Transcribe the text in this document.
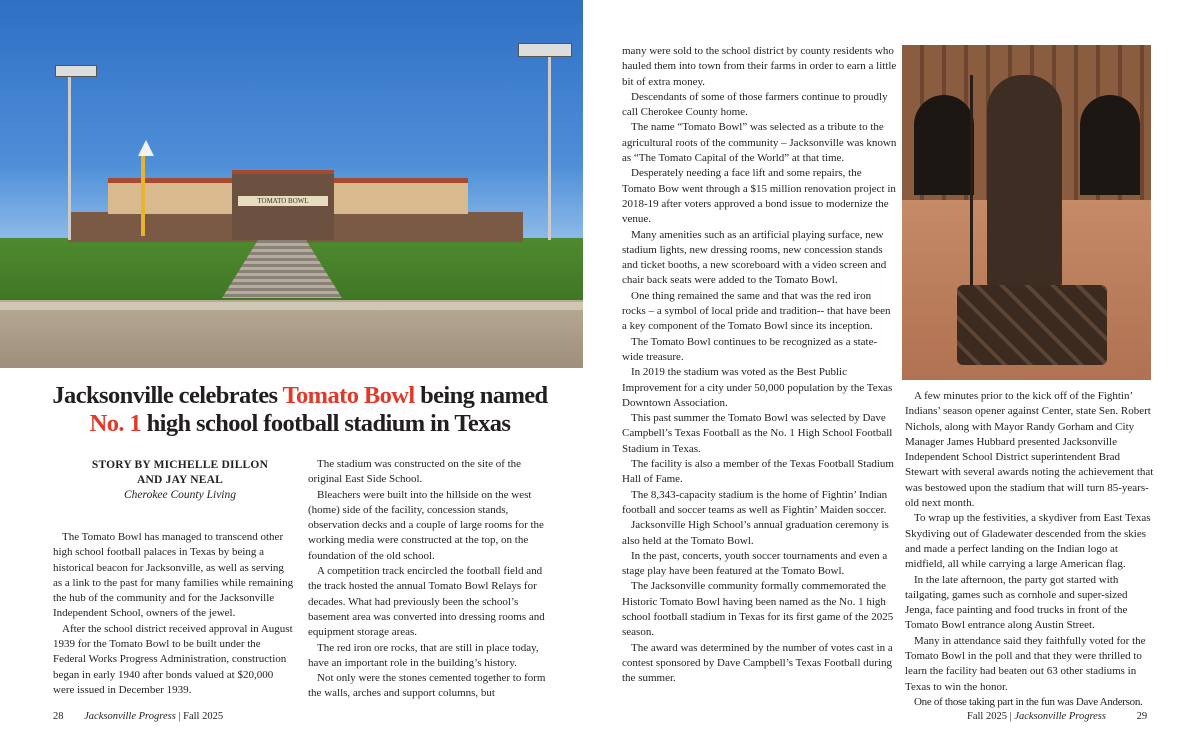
TOMATO BOWL
Jacksonville celebrates Tomato Bowl being named
No. 1 high school football stadium in Texas
STORY BY MICHELLE DILLON
AND JAY NEAL
Cherokee County Living

The Tomato Bowl has managed to transcend other high school football palaces in Texas by being a historical beacon for Jacksonville, as well as serving as a link to the past for many families while remaining the hub of the community and for the Jacksonville Independent School, owners of the jewel.

After the school district received approval in August 1939 for the Tomato Bowl to be built under the Federal Works Progress Administration, construction began in early 1940 after bonds valued at $20,000 were issued in December 1939.

The stadium was constructed on the site of the original East Side School.

Bleachers were built into the hillside on the west (home) side of the facility, concession stands, observation decks and a couple of large rooms for the working media were constructed at the top, on the foundation of the old school.

A competition track encircled the football field and the track hosted the annual Tomato Bowl Relays for decades. What had previously been the school’s basement area was converted into dressing rooms and equipment storage areas.

The red iron ore rocks, that are still in place today, have an important role in the building’s history.

Not only were the stones cemented together to form the walls, arches and support columns, but

many were sold to the school district by county residents who hauled them into town from their farms in order to earn a little bit of extra money.

Descendants of some of those farmers continue to proudly call Cherokee County home.

The name “Tomato Bowl” was selected as a tribute to the agricultural roots of the community – Jacksonville was known as “The Tomato Capital of the World” at that time.

Desperately needing a face lift and some repairs, the Tomato Bow went through a $15 million renovation project in 2018-19 after voters approved a bond issue to modernize the venue.

Many amenities such as an artificial playing surface, new stadium lights, new dressing rooms, new concession stands and ticket booths, a new scoreboard with a video screen and chair back seats were added to the Tomato Bowl.

One thing remained the same and that was the red iron rocks – a symbol of local pride and tradition-- that have been a key component of the Tomato Bowl since its inception.

The Tomato Bowl continues to be recognized as a state-wide treasure.

In 2019 the stadium was voted as the Best Public Improvement for a city under 50,000 population by the Texas Downtown Association.

This past summer the Tomato Bowl was selected by Dave Campbell’s Texas Football as the No. 1 High School Football Stadium in Texas.

The facility is also a member of the Texas Football Stadium Hall of Fame.

The 8,343-capacity stadium is the home of Fightin’ Indian football and soccer teams as well as Fightin’ Maiden soccer.

Jacksonville High School’s annual graduation ceremony is also held at the Tomato Bowl.

In the past, concerts, youth soccer tournaments and even a stage play have been featured at the Tomato Bowl.

The Jacksonville community formally commemorated the Historic Tomato Bowl having been named as the No. 1 high school football stadium in Texas for its first game of the 2025 season.

The award was determined by the number of votes cast in a contest sponsored by Dave Campbell’s Texas Football during the summer.

A few minutes prior to the kick off of the Fightin’ Indians’ season opener against Center, state Sen. Robert Nichols, along with Mayor Randy Gorham and City Manager James Hubbard presented Jacksonville Independent School District superintendent Brad Stewart with several awards noting the achievement that was bestowed upon the stadium that will turn 85-years-old next month.

To wrap up the festivities, a skydiver from East Texas Skydiving out of Gladewater descended from the skies and made a perfect landing on the Indian logo at midfield, all while carrying a large American flag.

In the late afternoon, the party got started with tailgating, games such as cornhole and super-sized Jenga, face painting and food trucks in front of the Tomato Bowl entrance along Austin Street.

Many in attendance said they faithfully voted for the Tomato Bowl in the poll and that they were thrilled to learn the facility had beaten out 63 other stadiums in Texas to win the honor.

One of those taking part in the fun was Dave Anderson.

28 Jacksonville Progress | Fall 2025	Fall 2025 | Jacksonville Progress	29
